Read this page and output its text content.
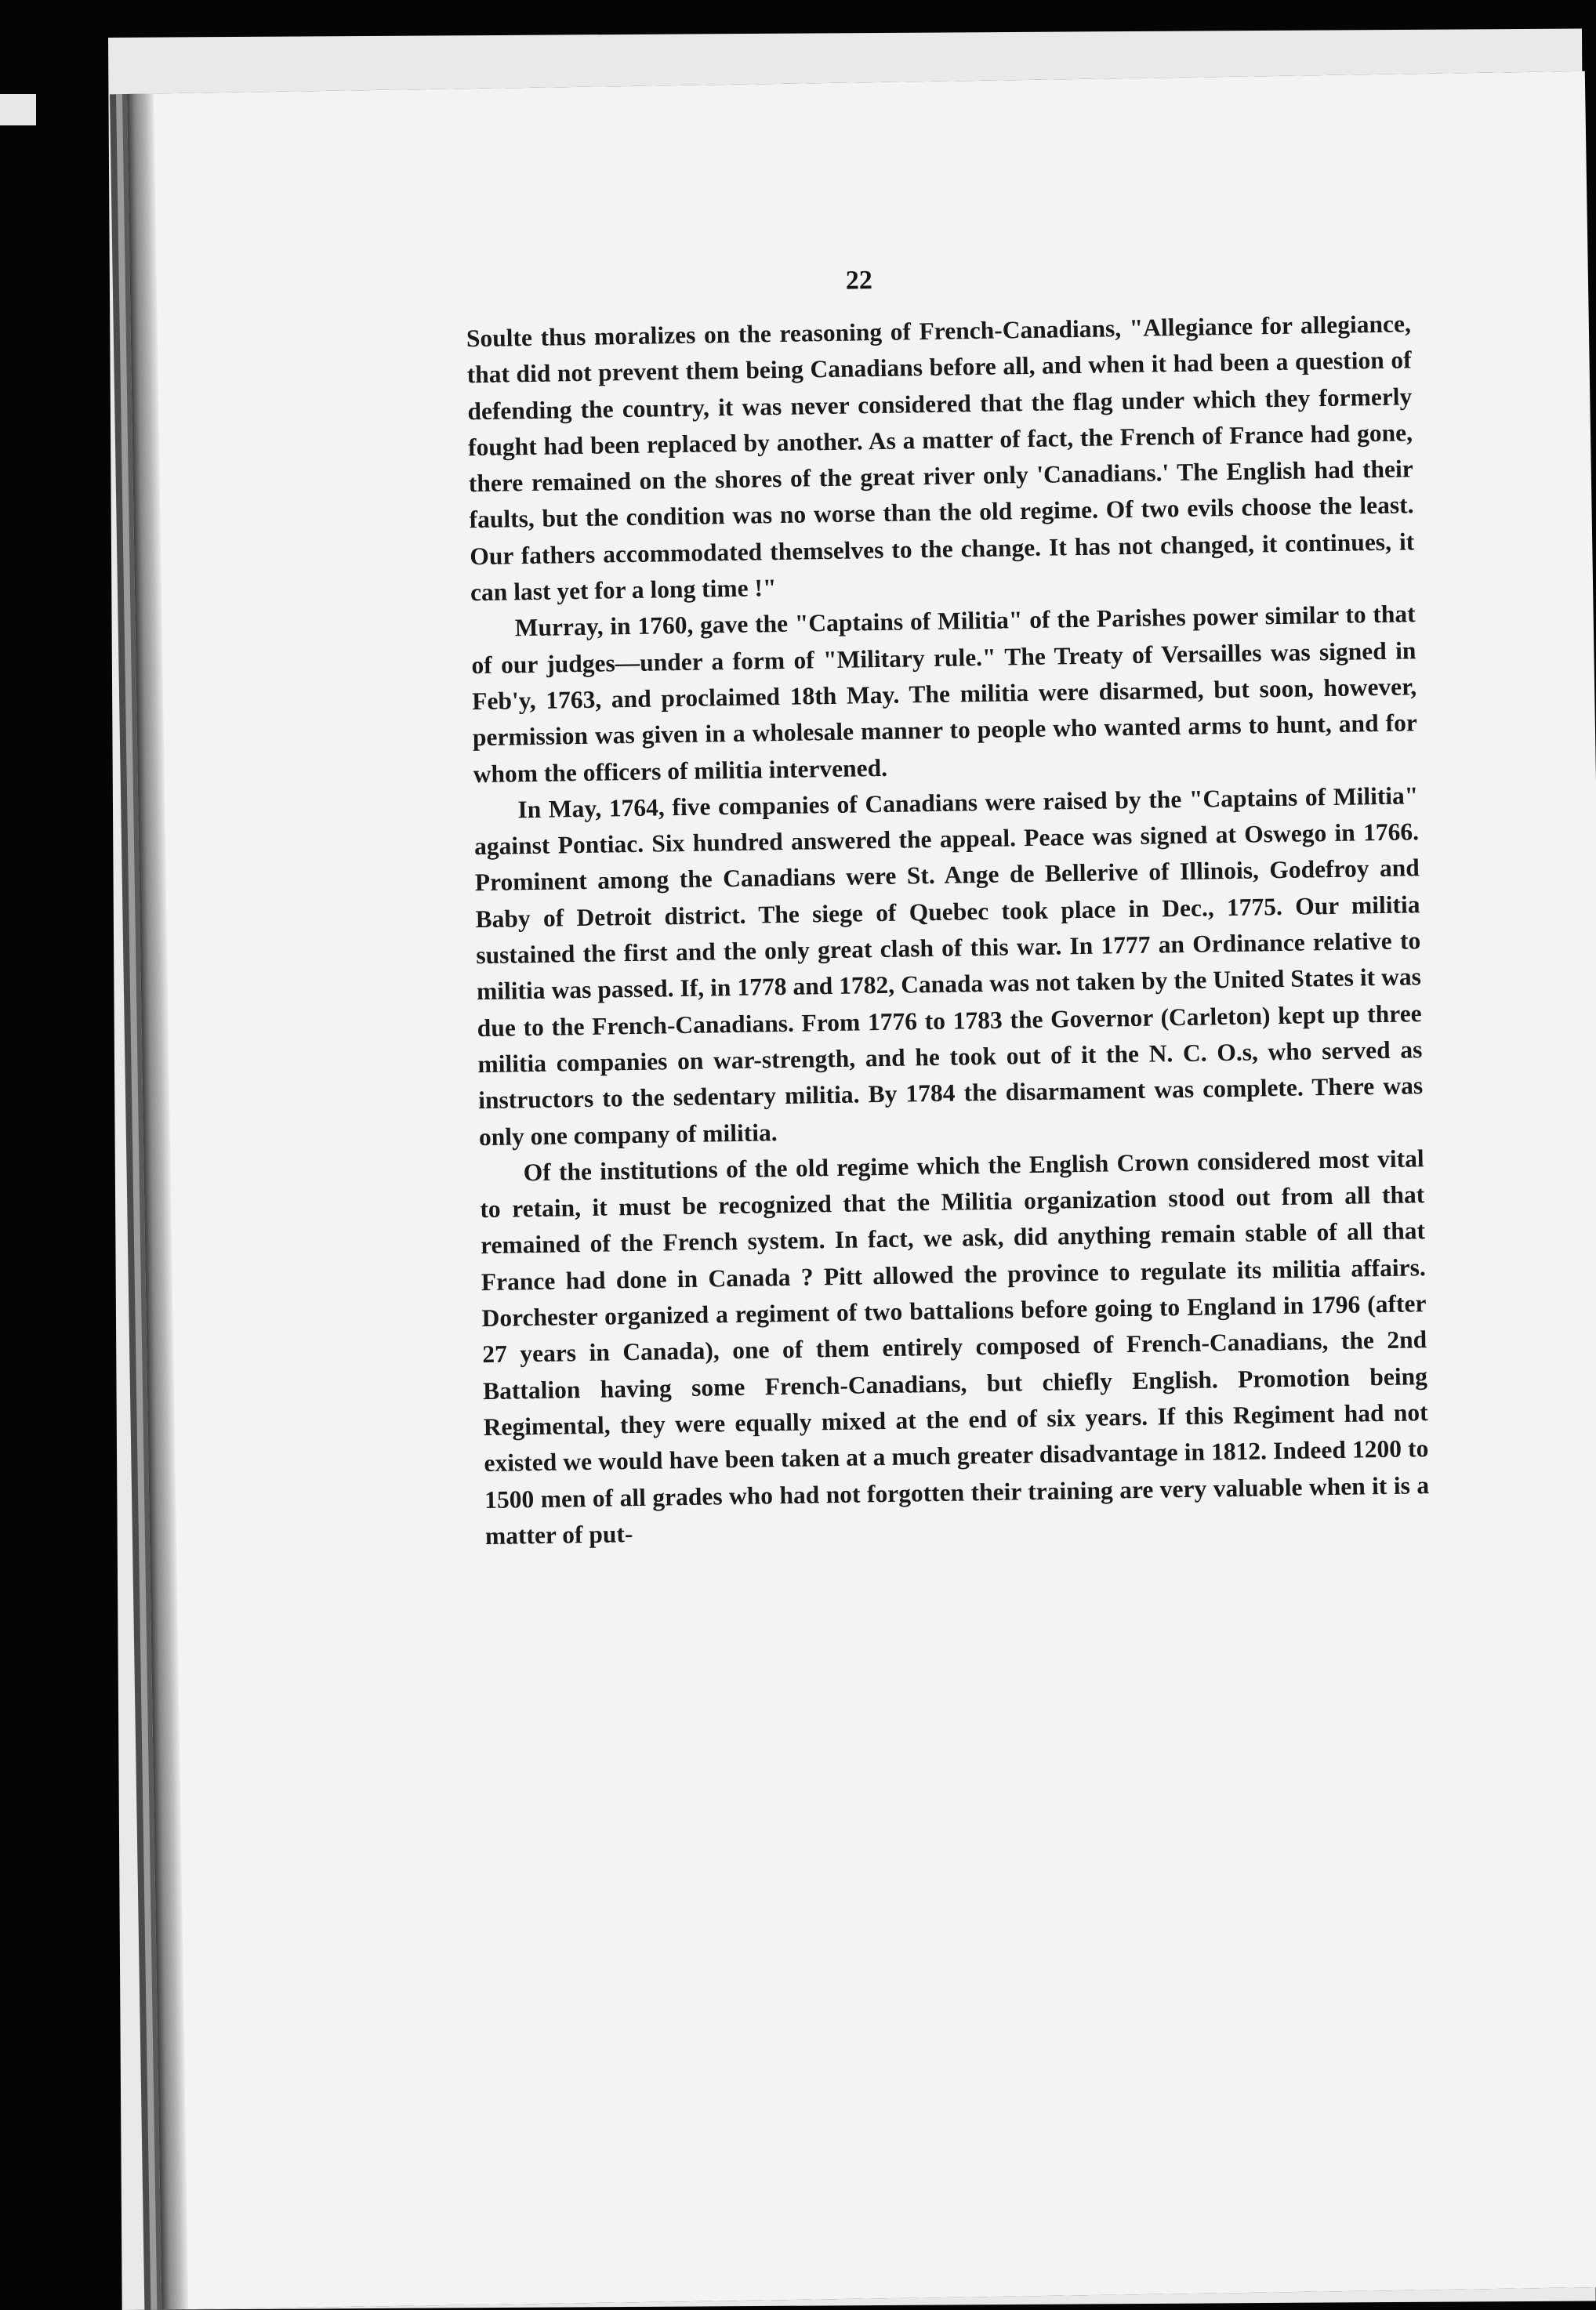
22

Soulte thus moralizes on the reasoning of French-Canadians, "Allegiance for allegiance, that did not prevent them being Canadians before all, and when it had been a question of defending the country, it was never considered that the flag under which they formerly fought had been replaced by another. As a matter of fact, the French of France had gone, there remained on the shores of the great river only 'Canadians.' The English had their faults, but the condition was no worse than the old regime. Of two evils choose the least. Our fathers accommodated themselves to the change. It has not changed, it continues, it can last yet for a long time !"

Murray, in 1760, gave the "Captains of Militia" of the Parishes power similar to that of our judges—under a form of "Military rule." The Treaty of Versailles was signed in Feb'y, 1763, and proclaimed 18th May. The militia were disarmed, but soon, however, permission was given in a wholesale manner to people who wanted arms to hunt, and for whom the officers of militia intervened.

In May, 1764, five companies of Canadians were raised by the "Captains of Militia" against Pontiac. Six hundred answered the appeal. Peace was signed at Oswego in 1766. Prominent among the Canadians were St. Ange de Bellerive of Illinois, Godefroy and Baby of Detroit district. The siege of Quebec took place in Dec., 1775. Our militia sustained the first and the only great clash of this war. In 1777 an Ordinance relative to militia was passed. If, in 1778 and 1782, Canada was not taken by the United States it was due to the French-Canadians. From 1776 to 1783 the Governor (Carleton) kept up three militia companies on war-strength, and he took out of it the N. C. O.s, who served as instructors to the sedentary militia. By 1784 the disarmament was complete. There was only one company of militia.

Of the institutions of the old regime which the English Crown considered most vital to retain, it must be recognized that the Militia organization stood out from all that remained of the French system. In fact, we ask, did anything remain stable of all that France had done in Canada ? Pitt allowed the province to regulate its militia affairs. Dorchester organized a regiment of two battalions before going to England in 1796 (after 27 years in Canada), one of them entirely composed of French-Canadians, the 2nd Battalion having some French-Canadians, but chiefly English. Promotion being Regimental, they were equally mixed at the end of six years. If this Regiment had not existed we would have been taken at a much greater disadvantage in 1812. Indeed 1200 to 1500 men of all grades who had not forgotten their training are very valuable when it is a matter of put-
